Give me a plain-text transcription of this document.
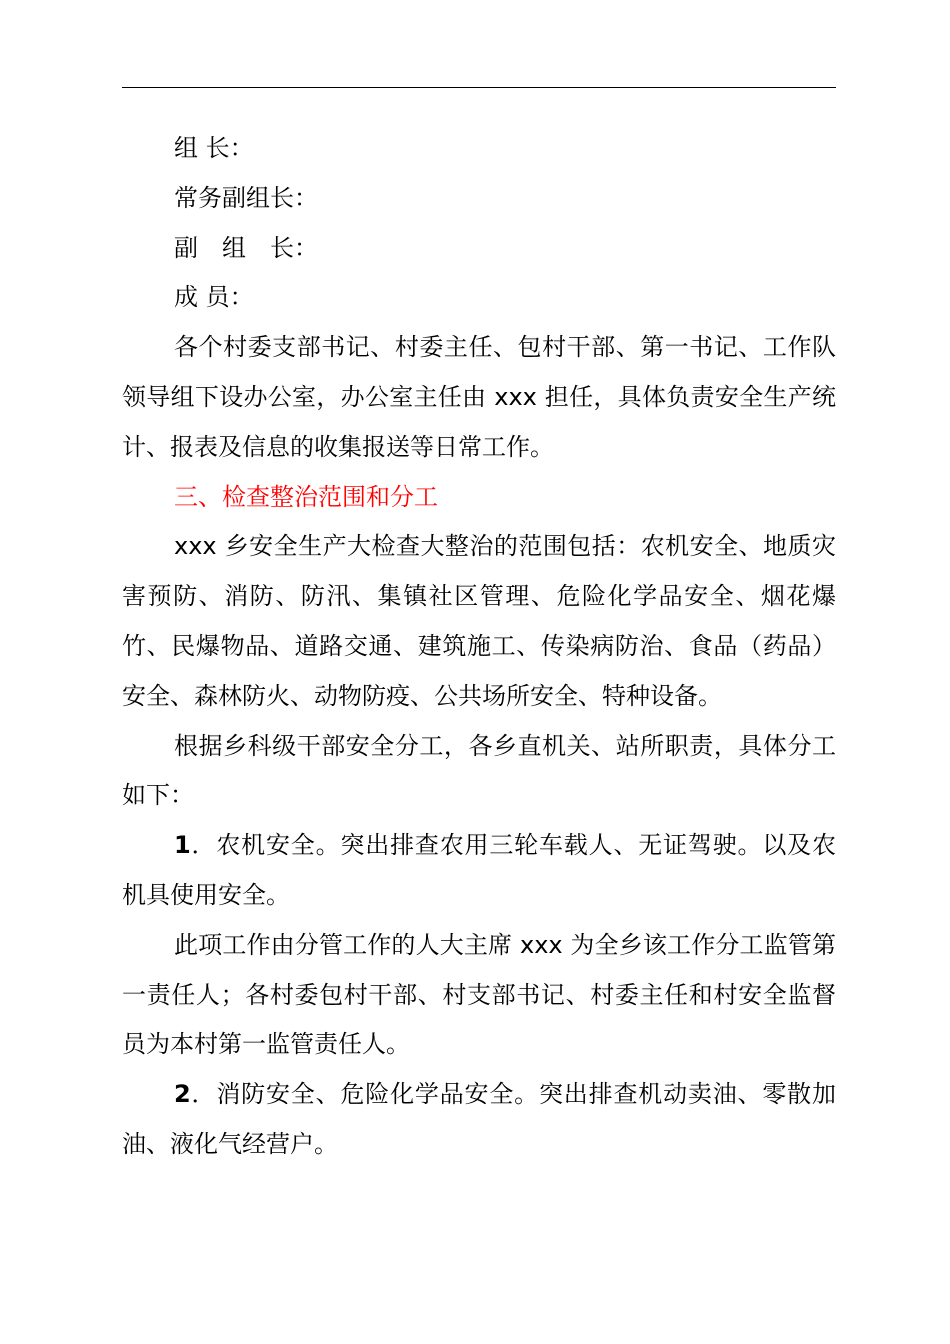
组 长：

常务副组长：

副　组　长：

成 员：

各个村委支部书记、村委主任、包村干部、第一书记、工作队领导组下设办公室，办公室主任由 xxx 担任，具体负责安全生产统计、报表及信息的收集报送等日常工作。

三、检查整治范围和分工

xxx 乡安全生产大检查大整治的范围包括：农机安全、地质灾害预防、消防、防汛、集镇社区管理、危险化学品安全、烟花爆竹、民爆物品、道路交通、建筑施工、传染病防治、食品（药品）安全、森林防火、动物防疫、公共场所安全、特种设备。

根据乡科级干部安全分工，各乡直机关、站所职责，具体分工如下：

1．农机安全。突出排查农用三轮车载人、无证驾驶。以及农机具使用安全。

此项工作由分管工作的人大主席 xxx 为全乡该工作分工监管第一责任人；各村委包村干部、村支部书记、村委主任和村安全监督员为本村第一监管责任人。

2．消防安全、危险化学品安全。突出排查机动卖油、零散加油、液化气经营户。
